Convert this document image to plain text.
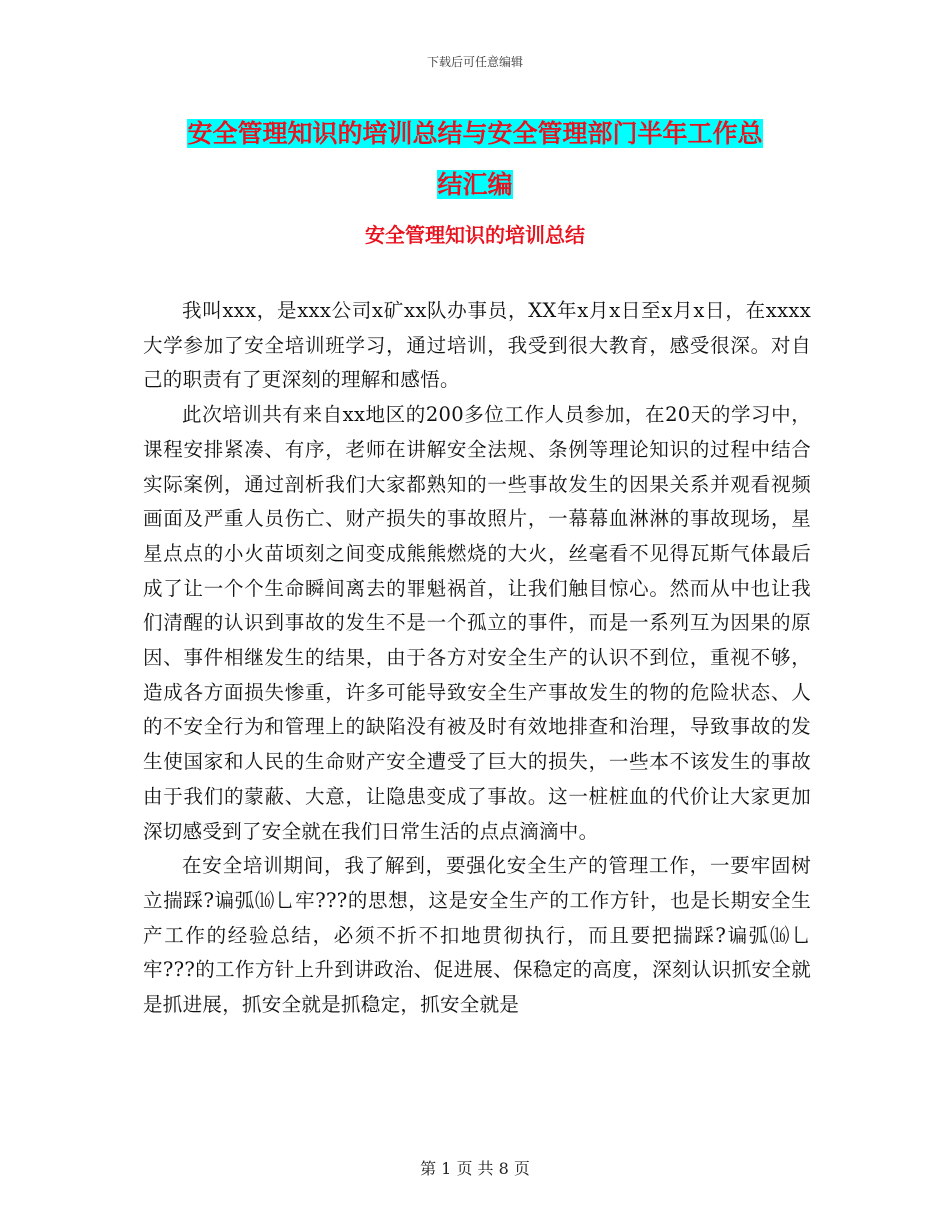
下载后可任意编辑
安全管理知识的培训总结与安全管理部门半年工作总
结汇编
安全管理知识的培训总结

我叫xxx，是xxx公司x矿xx队办事员，XX年x月x日至x月x日，在xxxx大学参加了安全培训班学习，通过培训，我受到很大教育，感受很深。对自己的职责有了更深刻的理解和感悟。

此次培训共有来自xx地区的200多位工作人员参加，在20天的学习中，课程安排紧凑、有序，老师在讲解安全法规、条例等理论知识的过程中结合实际案例，通过剖析我们大家都熟知的一些事故发生的因果关系并观看视频画面及严重人员伤亡、财产损失的事故照片，一幕幕血淋淋的事故现场，星星点点的小火苗顷刻之间变成熊熊燃烧的大火，丝毫看不见得瓦斯气体最后成了让一个个生命瞬间离去的罪魁祸首，让我们触目惊心。然而从中也让我们清醒的认识到事故的发生不是一个孤立的事件，而是一系列互为因果的原因、事件相继发生的结果，由于各方对安全生产的认识不到位，重视不够，造成各方面损失惨重，许多可能导致安全生产事故发生的物的危险状态、人的不安全行为和管理上的缺陷没有被及时有效地排查和治理，导致事故的发生使国家和人民的生命财产安全遭受了巨大的损失，一些本不该发生的事故由于我们的蒙蔽、大意，让隐患变成了事故。这一桩桩血的代价让大家更加深切感受到了安全就在我们日常生活的点点滴滴中。

在安全培训期间，我了解到，要强化安全生产的管理工作，一要牢固树立揣踩?谝弧⒃乚牢???的思想，这是安全生产的工作方针，也是长期安全生产工作的经验总结，必须不折不扣地贯彻执行，而且要把揣踩?谝弧⒃乚牢???的工作方针上升到讲政治、促进展、保稳定的高度，深刻认识抓安全就是抓进展，抓安全就是抓稳定，抓安全就是

第 1 页 共 8 页
